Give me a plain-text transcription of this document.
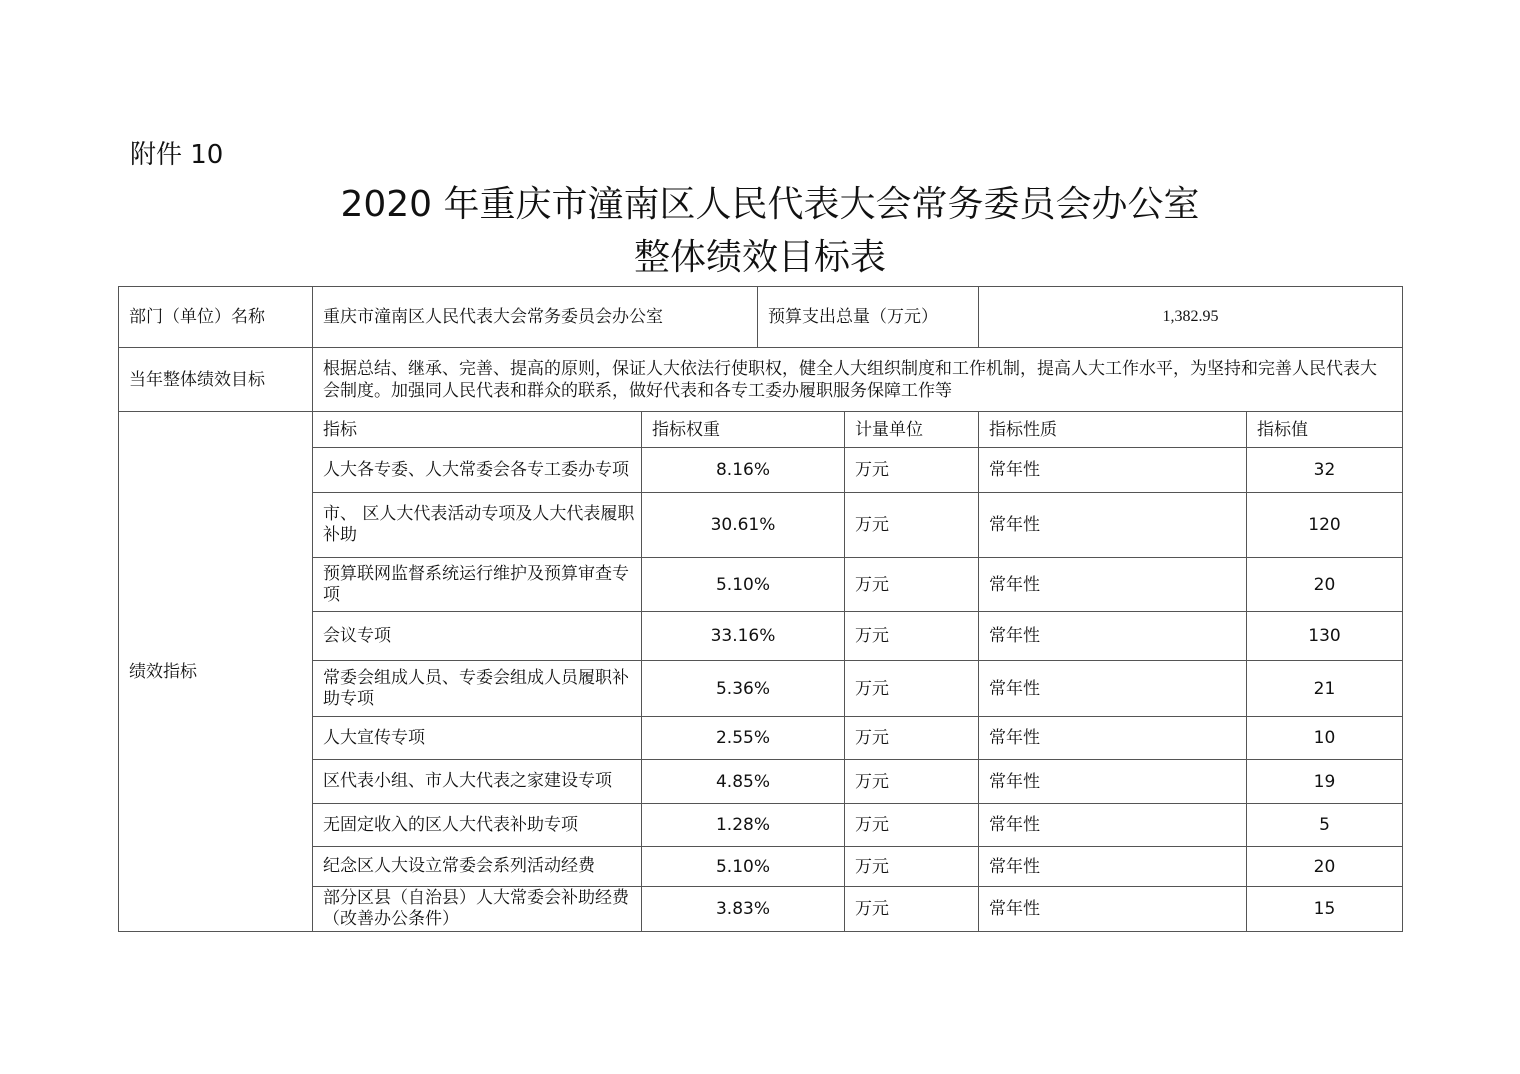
附件 10
2020 年重庆市潼南区人民代表大会常务委员会办公室
整体绩效目标表
部门（单位）名称	重庆市潼南区人民代表大会常务委员会办公室		预算支出总量（万元）		1,382.95	
当年整体绩效目标	根据总结、继承、完善、提高的原则，保证人大依法行使职权，健全人大组织制度和工作机制，提高人大工作水平，为坚持和完善人民代表大会制度。加强同人民代表和群众的联系，做好代表和各专工委办履职服务保障工作等					
绩效指标	指标	指标权重		计量单位	指标性质	指标值
	人大各专委、人大常委会各专工委办专项	8.16%		万元	常年性	32
	市、 区人大代表活动专项及人大代表履职补助	30.61%		万元	常年性	120
	预算联网监督系统运行维护及预算审查专项	5.10%		万元	常年性	20
	会议专项	33.16%		万元	常年性	130
	常委会组成人员、专委会组成人员履职补助专项	5.36%		万元	常年性	21
	人大宣传专项	2.55%		万元	常年性	10
	区代表小组、市人大代表之家建设专项	4.85%		万元	常年性	19
	无固定收入的区人大代表补助专项	1.28%		万元	常年性	5
	纪念区人大设立常委会系列活动经费	5.10%		万元	常年性	20
	部分区县（自治县）人大常委会补助经费（改善办公条件）	3.83%		万元	常年性	15
